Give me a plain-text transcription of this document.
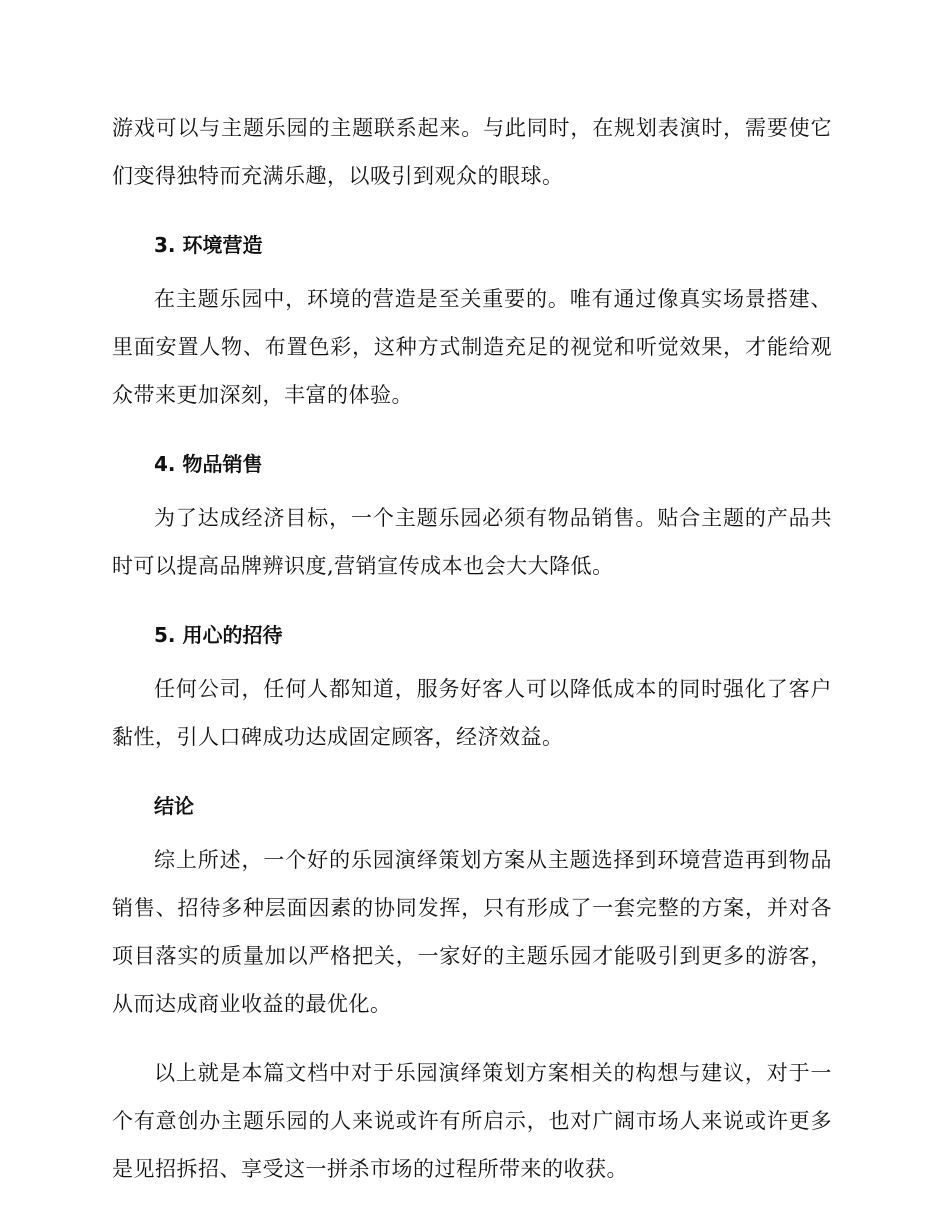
游戏可以与主题乐园的主题联系起来。与此同时，在规划表演时，需要使它们变得独特而充满乐趣，以吸引到观众的眼球。

3. 环境营造

在主题乐园中，环境的营造是至关重要的。唯有通过像真实场景搭建、里面安置人物、布置色彩，这种方式制造充足的视觉和听觉效果，才能给观众带来更加深刻，丰富的体验。

4. 物品销售

为了达成经济目标，一个主题乐园必须有物品销售。贴合主题的产品共时可以提高品牌辨识度,营销宣传成本也会大大降低。

5. 用心的招待

任何公司，任何人都知道，服务好客人可以降低成本的同时强化了客户黏性，引人口碑成功达成固定顾客，经济效益。

结论

综上所述，一个好的乐园演绎策划方案从主题选择到环境营造再到物品销售、招待多种层面因素的协同发挥，只有形成了一套完整的方案，并对各项目落实的质量加以严格把关，一家好的主题乐园才能吸引到更多的游客，从而达成商业收益的最优化。

以上就是本篇文档中对于乐园演绎策划方案相关的构想与建议，对于一个有意创办主题乐园的人来说或许有所启示，也对广阔市场人来说或许更多是见招拆招、享受这一拼杀市场的过程所带来的收获。
